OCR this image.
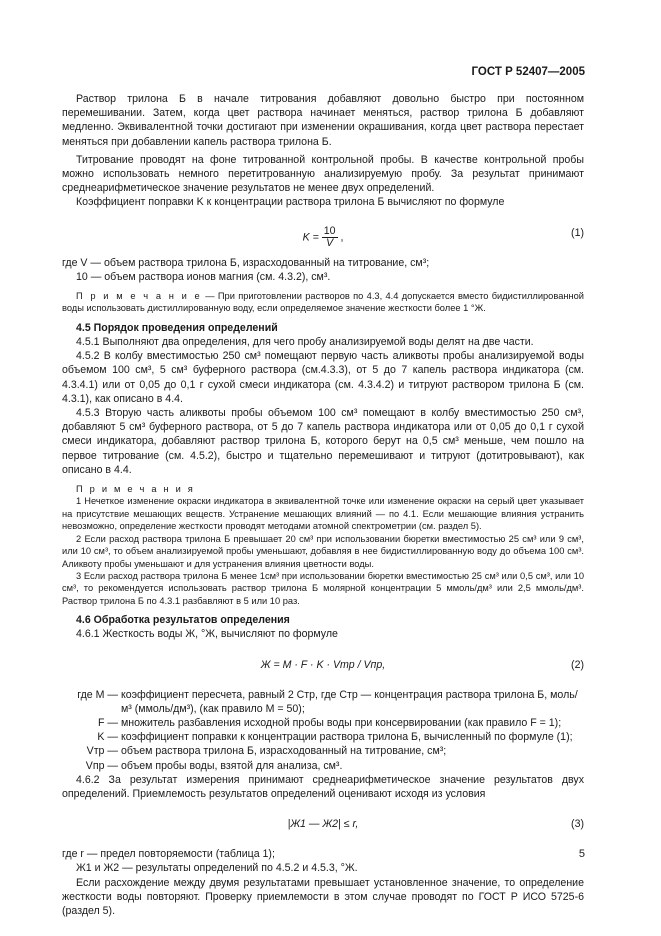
ГОСТ Р 52407—2005

Раствор трилона Б в начале титрования добавляют довольно быстро при постоянном перемешивании. Затем, когда цвет раствора начинает меняться, раствор трилона Б добавляют медленно. Эквивалентной точки достигают при изменении окрашивания, когда цвет раствора перестает меняться при добавлении капель раствора трилона Б.

Титрование проводят на фоне титрованной контрольной пробы. В качестве контрольной пробы можно использовать немного перетитрованную анализируемую пробу. За результат принимают среднеарифметическое значение результатов не менее двух определений.

Коэффициент поправки K к концентрации раствора трилона Б вычисляют по формуле

$K = \frac{10}{V}$ ,	(1)

где V — объем раствора трилона Б, израсходованный на титрование, см³;

10 — объем раствора ионов магния (см. 4.3.2), см³.

П р и м е ч а н и е — При приготовлении растворов по 4.3, 4.4 допускается вместо бидистиллированной воды использовать дистиллированную воду, если определяемое значение жесткости более 1 °Ж.

4.5 Порядок проведения определений

4.5.1 Выполняют два определения, для чего пробу анализируемой воды делят на две части.

4.5.2 В колбу вместимостью 250 см³ помещают первую часть аликвоты пробы анализируемой воды объемом 100 см³, 5 см³ буферного раствора (см.4.3.3), от 5 до 7 капель раствора индикатора (см. 4.3.4.1) или от 0,05 до 0,1 г сухой смеси индикатора (см. 4.3.4.2) и титруют раствором трилона Б (см. 4.3.1), как описано в 4.4.

4.5.3 Вторую часть аликвоты пробы объемом 100 см³ помещают в колбу вместимостью 250 см³, добавляют 5 см³ буферного раствора, от 5 до 7 капель раствора индикатора или от 0,05 до 0,1 г сухой смеси индикатора, добавляют раствор трилона Б, которого берут на 0,5 см³ меньше, чем пошло на первое титрование (см. 4.5.2), быстро и тщательно перемешивают и титруют (дотитровывают), как описано в 4.4.

П р и м е ч а н и я

1 Нечеткое изменение окраски индикатора в эквивалентной точке или изменение окраски на серый цвет указывает на присутствие мешающих веществ. Устранение мешающих влияний — по 4.1. Если мешающие влияния устранить невозможно, определение жесткости проводят методами атомной спектрометрии (см. раздел 5).

2 Если расход раствора трилона Б превышает 20 см³ при использовании бюретки вместимостью 25 см³ или 9 см³, или 10 см³, то объем анализируемой пробы уменьшают, добавляя в нее бидистиллированную воду до объема 100 см³. Аликвоту пробы уменьшают и для устранения влияния цветности воды.

3 Если расход раствора трилона Б менее 1см³ при использовании бюретки вместимостью 25 см³ или 0,5 см³, или 10 см³, то рекомендуется использовать раствор трилона Б молярной концентрации 5 ммоль/дм³ или 2,5 ммоль/дм³. Раствор трилона Б по 4.3.1 разбавляют в 5 или 10 раз.

4.6 Обработка результатов определения

4.6.1 Жесткость воды Ж, °Ж, вычисляют по формуле

Ж = M · F · K · Vтр / Vпр,	(2)
где M — коэффициент пересчета, равный 2 Cтр, где Cтр — концентрация раствора трилона Б, моль/м³ (ммоль/дм³), (как правило M = 50);
F — множитель разбавления исходной пробы воды при консервировании (как правило F = 1);
K — коэффициент поправки к концентрации раствора трилона Б, вычисленный по формуле (1);
Vтр — объем раствора трилона Б, израсходованный на титрование, см³;
Vпр — объем пробы воды, взятой для анализа, см³.

4.6.2 За результат измерения принимают среднеарифметическое значение результатов двух определений. Приемлемость результатов определений оценивают исходя из условия

|Ж1 — Ж2| ≤ r,	(3)

где r — предел повторяемости (таблица 1);

Ж1 и Ж2 — результаты определений по 4.5.2 и 4.5.3, °Ж.

Если расхождение между двумя результатами превышает установленное значение, то определение жесткости воды повторяют. Проверку приемлемости в этом случае проводят по ГОСТ Р ИСО 5725-6 (раздел 5).

5
